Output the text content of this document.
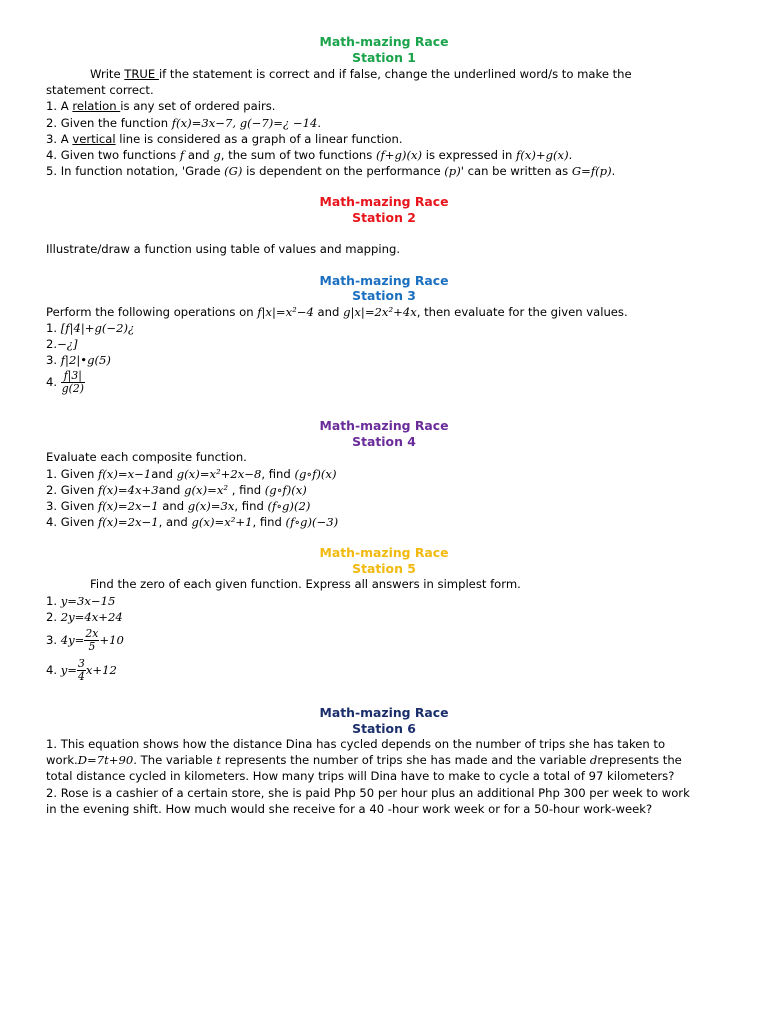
Math-mazing Race
Station 1
Write TRUE if the statement is correct and if false, change the underlined word/s to make the
statement correct.
1. A relation is any set of ordered pairs.
2. Given the function f(x)=3x−7, g(−7)=¿ −14.
3. A vertical line is considered as a graph of a linear function.
4. Given two functions f and g, the sum of two functions (f+g)(x) is expressed in f(x)+g(x).
5. In function notation, 'Grade (G) is dependent on the performance (p)' can be written as G=f(p).
Math-mazing Race
Station 2
Illustrate/draw a function using table of values and mapping.
Math-mazing Race
Station 3
Perform the following operations on f|x|=x²−4 and g|x|=2x²+4x, then evaluate for the given values.
1. [f|4|+g(−2)¿
2.−¿]
3. f|2|•g(5)
4. $\frac{f|3|}{g(2)}$
Math-mazing Race
Station 4
Evaluate each composite function.
1. Given f(x)=x−1and g(x)=x²+2x−8, find (g∘f)(x)
2. Given f(x)=4x+3and g(x)=x² , find (g∘f)(x)
3. Given f(x)=2x−1 and g(x)=3x, find (f∘g)(2)
4. Given f(x)=2x−1, and g(x)=x²+1, find (f∘g)(−3)
Math-mazing Race
Station 5
Find the zero of each given function. Express all answers in simplest form.
1. y=3x−15
2. 2y=4x+24
3. $4y= \frac{2x}{5} +10$
4. $y= \frac{3}{4} x+12$
Math-mazing Race
Station 6
1. This equation shows how the distance Dina has cycled depends on the number of trips she has taken to
work.D=7t+90. The variable t represents the number of trips she has made and the variable drepresents the
total distance cycled in kilometers. How many trips will Dina have to make to cycle a total of 97 kilometers?
2. Rose is a cashier of a certain store, she is paid Php 50 per hour plus an additional Php 300 per week to work
in the evening shift. How much would she receive for a 40 -hour work week or for a 50-hour work-week?
